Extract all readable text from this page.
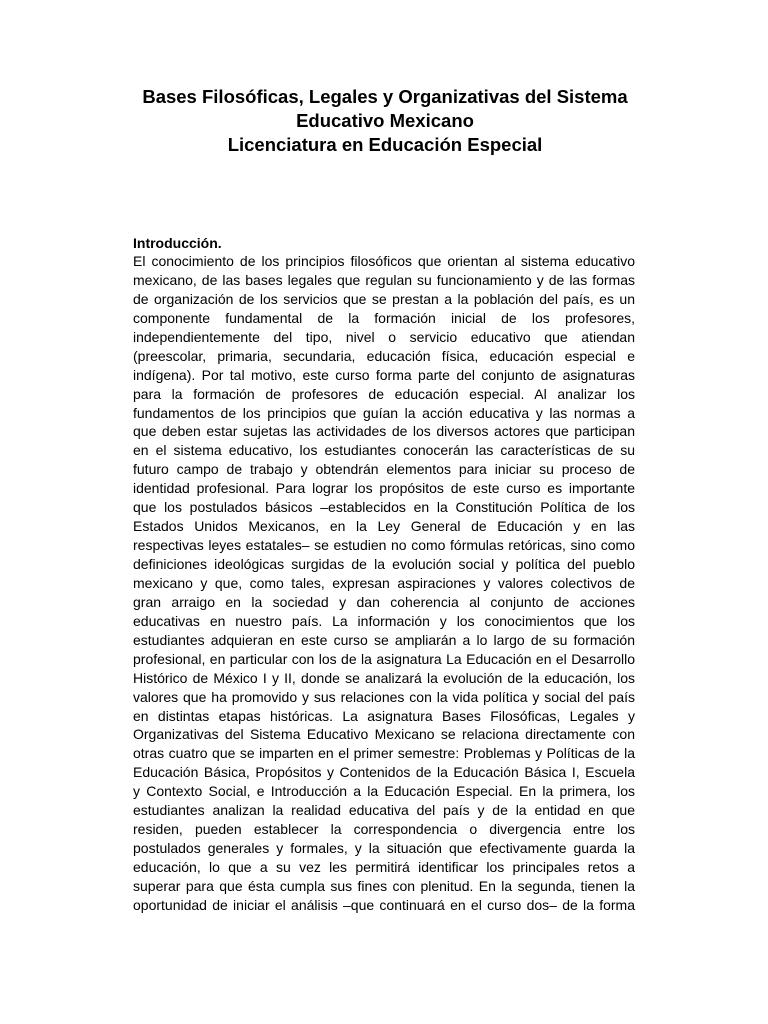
Bases Filosóficas, Legales y Organizativas del Sistema
Educativo Mexicano
Licenciatura en Educación Especial
Introducción.
El conocimiento de los principios filosóficos que orientan al sistema educativo
mexicano, de las bases legales que regulan su funcionamiento y de las formas
de organización de los servicios que se prestan a la población del país, es un
componente fundamental de la formación inicial de los profesores,
independientemente del tipo, nivel o servicio educativo que atiendan
(preescolar, primaria, secundaria, educación física, educación especial e
indígena). Por tal motivo, este curso forma parte del conjunto de asignaturas
para la formación de profesores de educación especial. Al analizar los
fundamentos de los principios que guían la acción educativa y las normas a
que deben estar sujetas las actividades de los diversos actores que participan
en el sistema educativo, los estudiantes conocerán las características de su
futuro campo de trabajo y obtendrán elementos para iniciar su proceso de
identidad profesional. Para lograr los propósitos de este curso es importante
que los postulados básicos –establecidos en la Constitución Política de los
Estados Unidos Mexicanos, en la Ley General de Educación y en las
respectivas leyes estatales– se estudien no como fórmulas retóricas, sino como
definiciones ideológicas surgidas de la evolución social y política del pueblo
mexicano y que, como tales, expresan aspiraciones y valores colectivos de
gran arraigo en la sociedad y dan coherencia al conjunto de acciones
educativas en nuestro país. La información y los conocimientos que los
estudiantes adquieran en este curso se ampliarán a lo largo de su formación
profesional, en particular con los de la asignatura La Educación en el Desarrollo
Histórico de México I y II, donde se analizará la evolución de la educación, los
valores que ha promovido y sus relaciones con la vida política y social del país
en distintas etapas históricas. La asignatura Bases Filosóficas, Legales y
Organizativas del Sistema Educativo Mexicano se relaciona directamente con
otras cuatro que se imparten en el primer semestre: Problemas y Políticas de la
Educación Básica, Propósitos y Contenidos de la Educación Básica I, Escuela
y Contexto Social, e Introducción a la Educación Especial. En la primera, los
estudiantes analizan la realidad educativa del país y de la entidad en que
residen, pueden establecer la correspondencia o divergencia entre los
postulados generales y formales, y la situación que efectivamente guarda la
educación, lo que a su vez les permitirá identificar los principales retos a
superar para que ésta cumpla sus fines con plenitud. En la segunda, tienen la
oportunidad de iniciar el análisis –que continuará en el curso dos– de la forma
